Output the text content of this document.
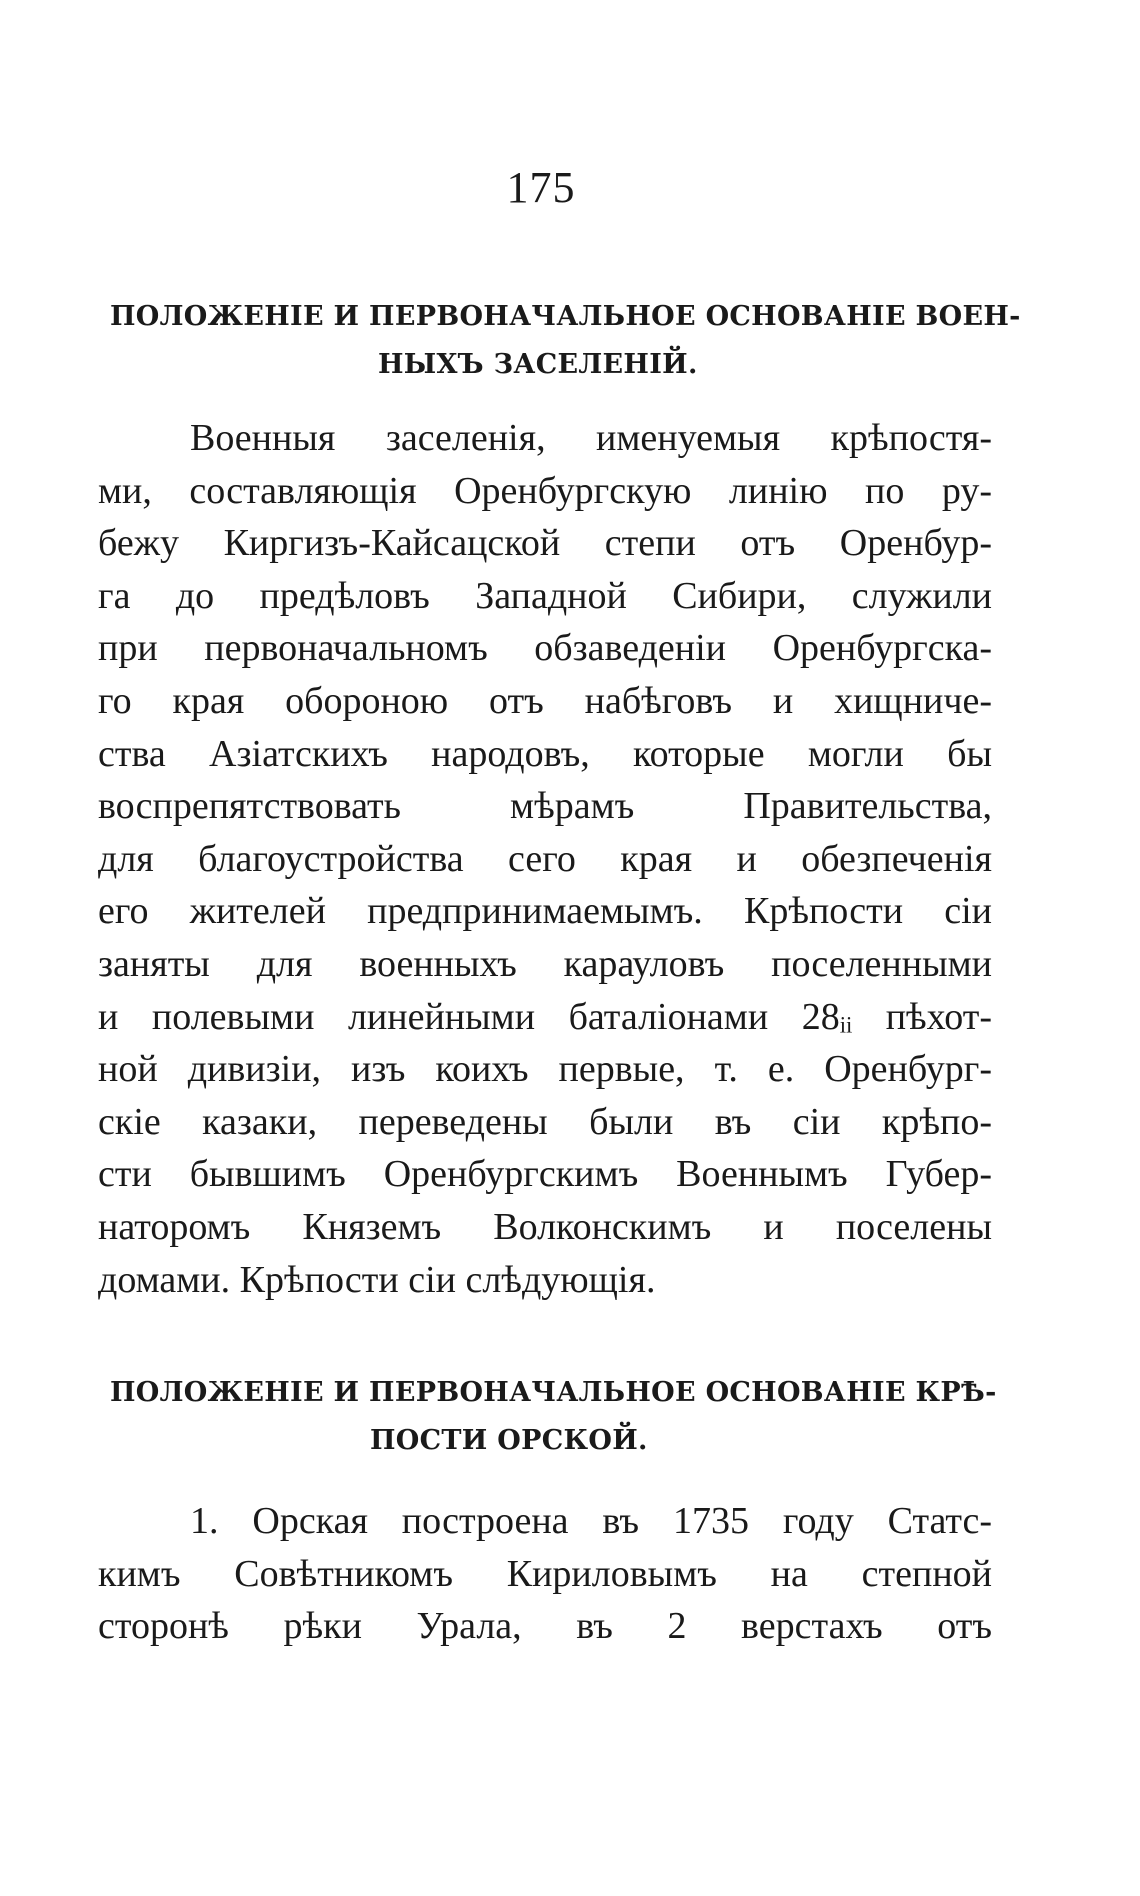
175
ПОЛОЖЕНІЕ И ПЕРВОНАЧАЛЬНОЕ ОСНОВАНІЕ ВОЕН-
НЫХЪ ЗАСЕЛЕНІЙ.
Военныя заселенія, именуемыя крѣпостя-
ми, составляющія Оренбургскую линію по ру-
бежу Киргизъ-Кайсацской степи отъ Оренбур-
га до предѣловъ Западной Сибири, служили
при первоначальномъ обзаведеніи Оренбургска-
го края обороною отъ набѣговъ и хищниче-
ства Азіатскихъ народовъ, которые могли бы
воспрепятствовать мѣрамъ Правительства,
для благоустройства сего края и обезпеченія
его жителей предпринимаемымъ. Крѣпости сіи
заняты для военныхъ карауловъ поселенными
и полевыми линейными баталіонами 28ᵢᵢ пѣхот-
ной дивизіи, изъ коихъ первые, т. е. Оренбург-
скіе казаки, переведены были въ сіи крѣпо-
сти бывшимъ Оренбургскимъ Военнымъ Губер-
наторомъ Княземъ Волконскимъ и поселены
домами. Крѣпости сіи слѣдующія.
ПОЛОЖЕНІЕ И ПЕРВОНАЧАЛЬНОЕ ОСНОВАНІЕ КРѢ-
ПОСТИ ОРСКОЙ.
1. Орская построена въ 1735 году Статс-
кимъ Совѣтникомъ Кириловымъ на степной
сторонѣ рѣки Урала, въ 2 верстахъ отъ
